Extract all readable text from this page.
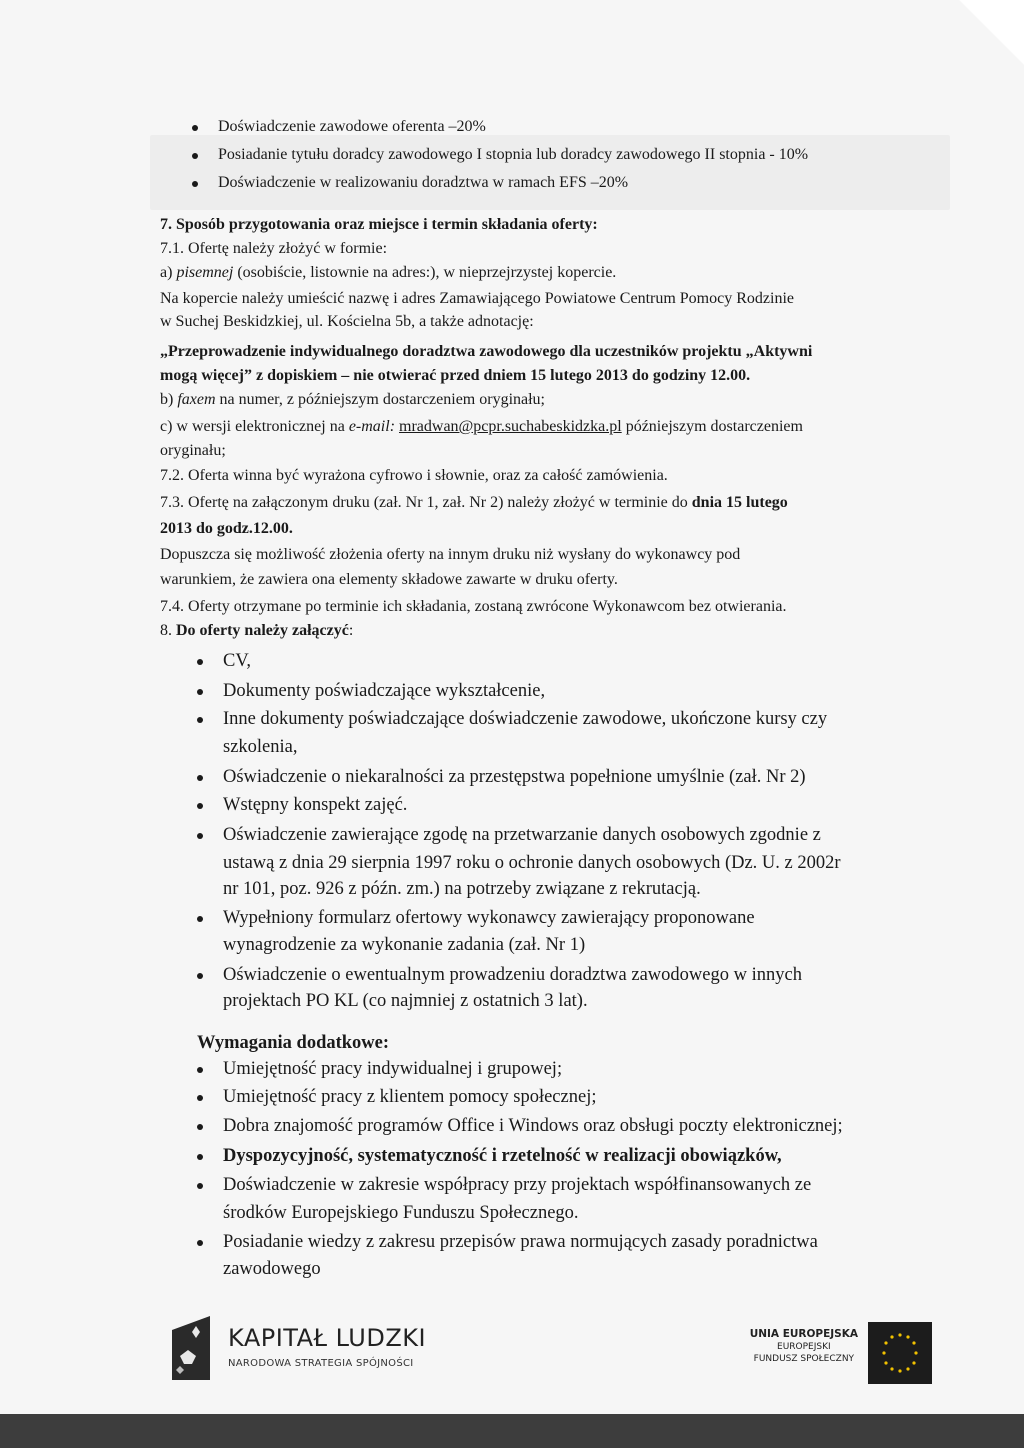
Doświadczenie zawodowe oferenta –20%
Posiadanie tytułu doradcy zawodowego I stopnia lub doradcy zawodowego II stopnia - 10%
Doświadczenie w realizowaniu doradztwa w ramach EFS –20%
7. Sposób przygotowania oraz miejsce i termin składania oferty:
7.1. Ofertę należy złożyć w formie:
a) pisemnej (osobiście, listownie na adres:), w nieprzejrzystej kopercie.
Na kopercie należy umieścić nazwę i adres Zamawiającego Powiatowe Centrum Pomocy Rodzinie
w Suchej Beskidzkiej, ul. Kościelna 5b, a także adnotację:
„Przeprowadzenie indywidualnego doradztwa zawodowego dla uczestników projektu „Aktywni
mogą więcej” z dopiskiem – nie otwierać przed dniem 15 lutego 2013 do godziny 12.00.
b) faxem na numer, z późniejszym dostarczeniem oryginału;
c) w wersji elektronicznej na e-mail: mradwan@pcpr.suchabeskidzka.pl późniejszym dostarczeniem
oryginału;
7.2. Oferta winna być wyrażona cyfrowo i słownie, oraz za całość zamówienia.
7.3. Ofertę na załączonym druku (zał. Nr 1, zał. Nr 2) należy złożyć w terminie do dnia 15 lutego
2013 do godz.12.00.
Dopuszcza się możliwość złożenia oferty na innym druku niż wysłany do wykonawcy pod
warunkiem, że zawiera ona elementy składowe zawarte w druku oferty.
7.4. Oferty otrzymane po terminie ich składania, zostaną zwrócone Wykonawcom bez otwierania.
8. Do oferty należy załączyć:
CV,
Dokumenty poświadczające wykształcenie,
Inne dokumenty poświadczające doświadczenie zawodowe, ukończone kursy czy
szkolenia,
Oświadczenie o niekaralności za przestępstwa popełnione umyślnie (zał. Nr 2)
Wstępny konspekt zajęć.
Oświadczenie zawierające zgodę na przetwarzanie danych osobowych zgodnie z
ustawą z dnia 29 sierpnia 1997 roku o ochronie danych osobowych (Dz. U. z 2002r
nr 101, poz. 926 z późn. zm.) na potrzeby związane z rekrutacją.
Wypełniony formularz ofertowy wykonawcy zawierający proponowane
wynagrodzenie za wykonanie zadania (zał. Nr 1)
Oświadczenie o ewentualnym prowadzeniu doradztwa zawodowego w innych
projektach PO KL (co najmniej z ostatnich 3 lat).
Wymagania dodatkowe:
Umiejętność pracy indywidualnej i grupowej;
Umiejętność pracy z klientem pomocy społecznej;
Dobra znajomość programów Office i Windows oraz obsługi poczty elektronicznej;
Dyspozycyjność, systematyczność i rzetelność w realizacji obowiązków,
Doświadczenie w zakresie współpracy przy projektach współfinansowanych ze
środków Europejskiego Funduszu Społecznego.
Posiadanie wiedzy z zakresu przepisów prawa normujących zasady poradnictwa
zawodowego
KAPITAŁ LUDZKI
NARODOWA STRATEGIA SPÓJNOŚCI
UNIA EUROPEJSKA
EUROPEJSKI
FUNDUSZ SPOŁECZNY
